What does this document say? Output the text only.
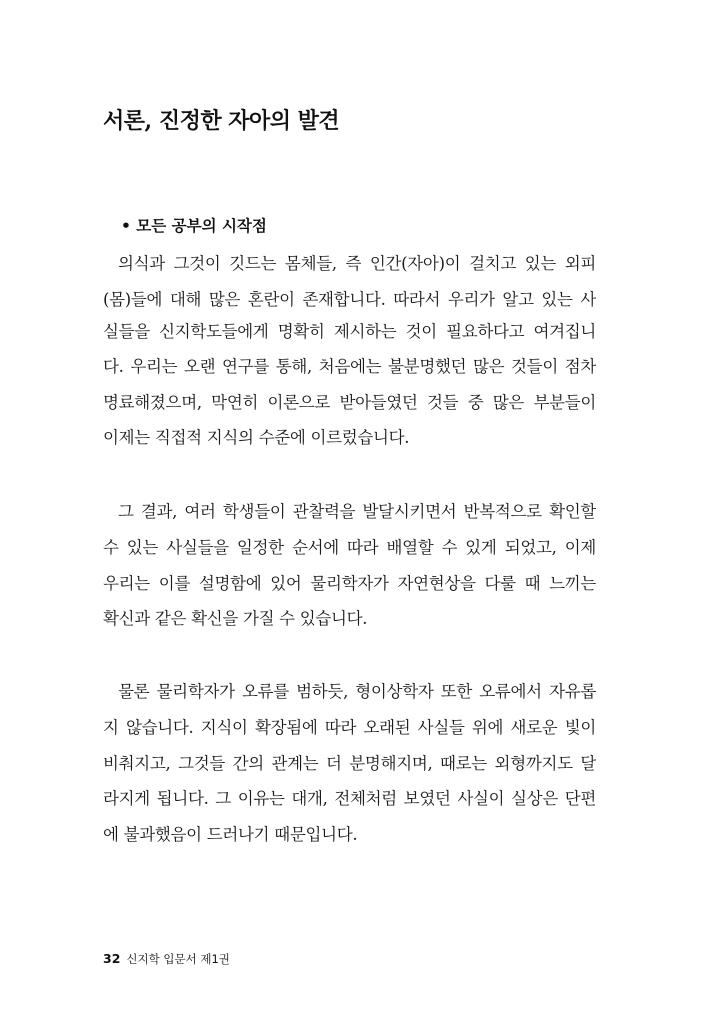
서론, 진정한 자아의 발견
• 모든 공부의 시작점

의식과 그것이 깃드는 몸체들, 즉 인간(자아)이 걸치고 있는 외피

(몸)들에 대해 많은 혼란이 존재합니다. 따라서 우리가 알고 있는 사

실들을 신지학도들에게 명확히 제시하는 것이 필요하다고 여겨집니

다. 우리는 오랜 연구를 통해, 처음에는 불분명했던 많은 것들이 점차

명료해졌으며, 막연히 이론으로 받아들였던 것들 중 많은 부분들이

이제는 직접적 지식의 수준에 이르렀습니다.

그 결과, 여러 학생들이 관찰력을 발달시키면서 반복적으로 확인할

수 있는 사실들을 일정한 순서에 따라 배열할 수 있게 되었고, 이제

우리는 이를 설명함에 있어 물리학자가 자연현상을 다룰 때 느끼는

확신과 같은 확신을 가질 수 있습니다.

물론 물리학자가 오류를 범하듯, 형이상학자 또한 오류에서 자유롭

지 않습니다. 지식이 확장됨에 따라 오래된 사실들 위에 새로운 빛이

비춰지고, 그것들 간의 관계는 더 분명해지며, 때로는 외형까지도 달

라지게 됩니다. 그 이유는 대개, 전체처럼 보였던 사실이 실상은 단편

에 불과했음이 드러나기 때문입니다.

32 신지학 입문서 제1권
